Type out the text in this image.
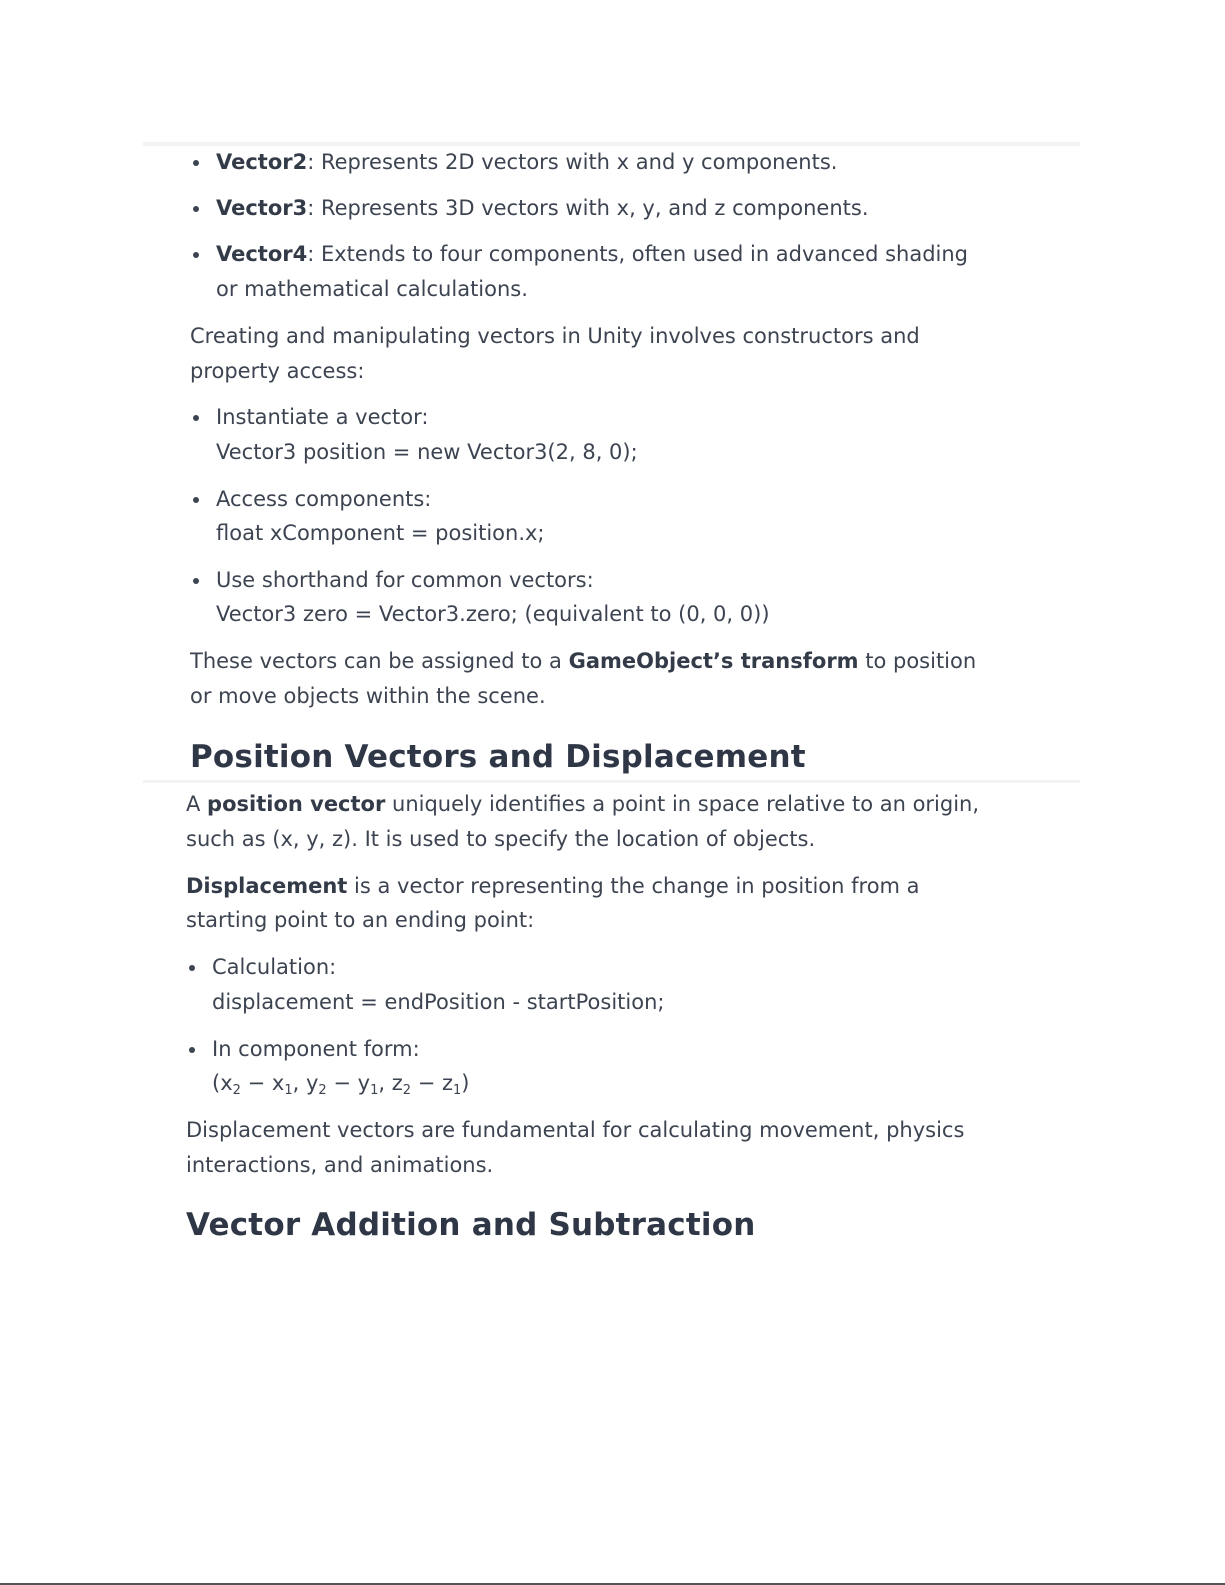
Vector2: Represents 2D vectors with x and y components.
Vector3: Represents 3D vectors with x, y, and z components.
Vector4: Extends to four components, often used in advanced shading
or mathematical calculations.
Creating and manipulating vectors in Unity involves constructors and
property access:
Instantiate a vector:
Vector3 position = new Vector3(2, 8, 0);
Access components:
float xComponent = position.x;
Use shorthand for common vectors:
Vector3 zero = Vector3.zero; (equivalent to (0, 0, 0))
These vectors can be assigned to a GameObject’s transform to position
or move objects within the scene.
Position Vectors and Displacement
A position vector uniquely identifies a point in space relative to an origin,
such as (x, y, z). It is used to specify the location of objects.
Displacement is a vector representing the change in position from a
starting point to an ending point:
Calculation:
displacement = endPosition - startPosition;
In component form:
($x_2 - x_1$, $y_2 - y_1$, $z_2 - z_1$)
Displacement vectors are fundamental for calculating movement, physics
interactions, and animations.
Vector Addition and Subtraction
